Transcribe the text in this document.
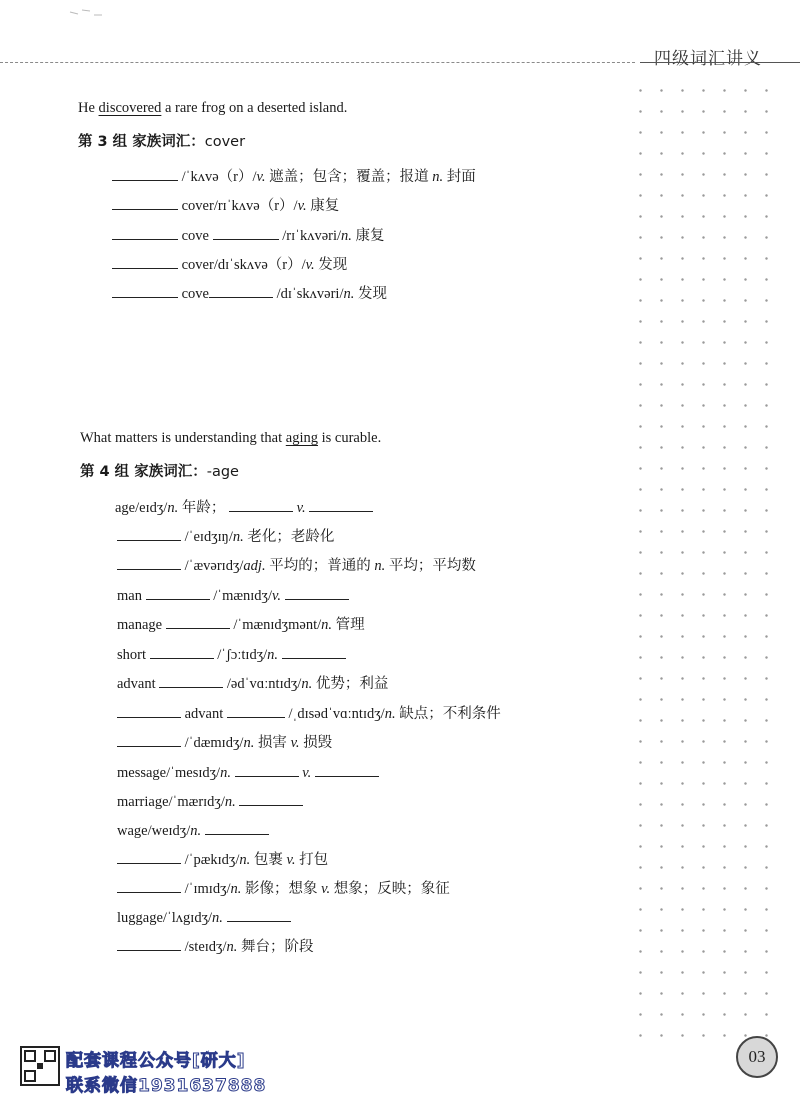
四级词汇讲义
He discovered a rare frog on a deserted island.
第 3 组 家族词汇：cover
/ˈkʌvə（r）/v. 遮盖；包含；覆盖；报道 n. 封面
cover/rɪˈkʌvə（r）/v. 康复
cove	/rɪˈkʌvəri/n. 康复
cover/dɪˈskʌvə（r）/v. 发现
cove	/dɪˈskʌvəri/n. 发现
What matters is understanding that aging is curable.
第 4 组 家族词汇：-age
age/eɪdʒ/n. 年龄；	v.
/ˈeɪdʒɪŋ/n. 老化；老龄化
/ˈævərɪdʒ/adj. 平均的；普通的 n. 平均；平均数
man	/ˈmænɪdʒ/v.
manage	/ˈmænɪdʒmənt/n. 管理
short	/ˈʃɔːtɪdʒ/n.
advant	/ədˈvɑːntɪdʒ/n. 优势；利益
advant	/ˌdɪsədˈvɑːntɪdʒ/n. 缺点；不利条件
/ˈdæmɪdʒ/n. 损害 v. 损毁
message/ˈmesɪdʒ/n.	v.
marriage/ˈmærɪdʒ/n.
wage/weɪdʒ/n.
/ˈpækɪdʒ/n. 包裹 v. 打包
/ˈɪmɪdʒ/n. 影像；想象 v. 想象；反映；象征
luggage/ˈlʌgɪdʒ/n.
/steɪdʒ/n. 舞台；阶段
配套课程公众号[研大]
联系微信1931637888
03
